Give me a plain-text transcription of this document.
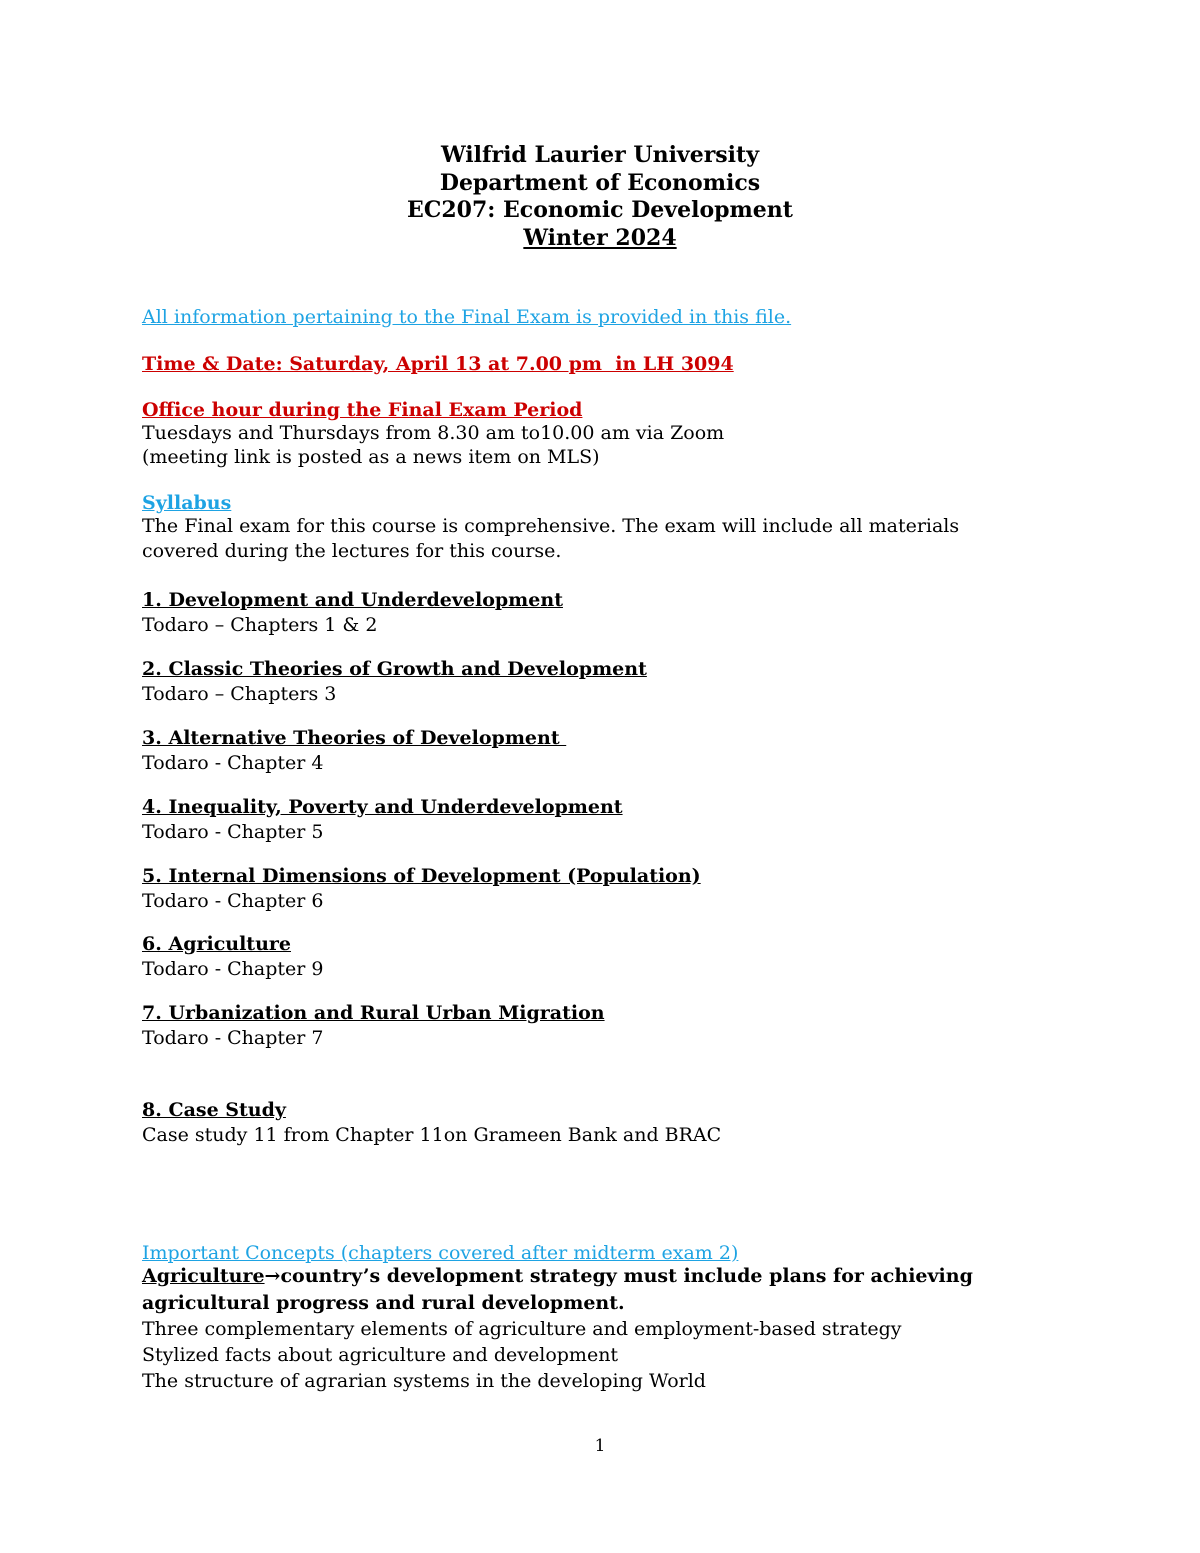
Wilfrid Laurier University
Department of Economics
EC207: Economic Development
Winter 2024
All information pertaining to the Final Exam is provided in this file.
Time & Date: Saturday, April 13 at 7.00 pm  in LH 3094
Office hour during the Final Exam Period
Tuesdays and Thursdays from 8.30 am to10.00 am via Zoom
(meeting link is posted as a news item on MLS)
Syllabus
The Final exam for this course is comprehensive. The exam will include all materials
covered during the lectures for this course.
1. Development and Underdevelopment
Todaro – Chapters 1 & 2
2. Classic Theories of Growth and Development
Todaro – Chapters 3
3. Alternative Theories of Development
Todaro - Chapter 4
4. Inequality, Poverty and Underdevelopment
Todaro - Chapter 5
5. Internal Dimensions of Development (Population)
Todaro - Chapter 6
6. Agriculture
Todaro - Chapter 9
7. Urbanization and Rural Urban Migration
Todaro - Chapter 7
8. Case Study
Case study 11 from Chapter 11on Grameen Bank and BRAC
Important Concepts (chapters covered after midterm exam 2)
Agriculture→country’s development strategy must include plans for achieving
agricultural progress and rural development.
Three complementary elements of agriculture and employment-based strategy
Stylized facts about agriculture and development
The structure of agrarian systems in the developing World
1
